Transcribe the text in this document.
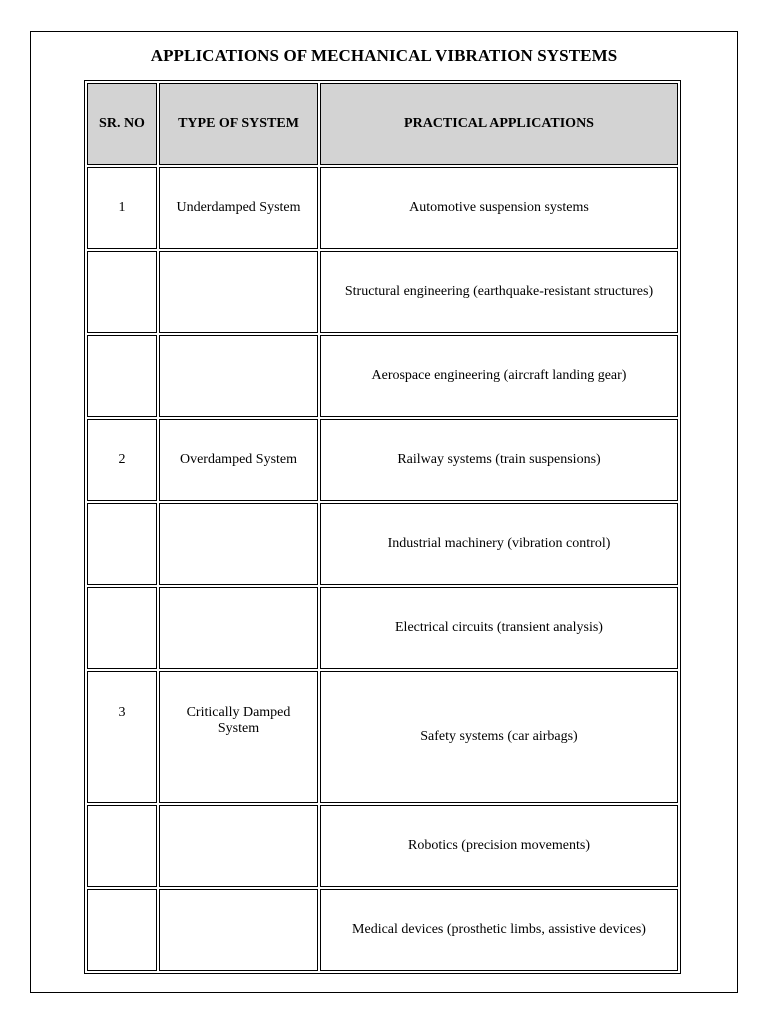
APPLICATIONS OF MECHANICAL VIBRATION SYSTEMS
SR. NO	TYPE OF SYSTEM	PRACTICAL APPLICATIONS
1	Underdamped System	Automotive suspension systems
		Structural engineering (earthquake-resistant structures)
		Aerospace engineering (aircraft landing gear)
2	Overdamped System	Railway systems (train suspensions)
		Industrial machinery (vibration control)
		Electrical circuits (transient analysis)
3	Critically Damped System	Safety systems (car airbags)
		Robotics (precision movements)
		Medical devices (prosthetic limbs, assistive devices)
